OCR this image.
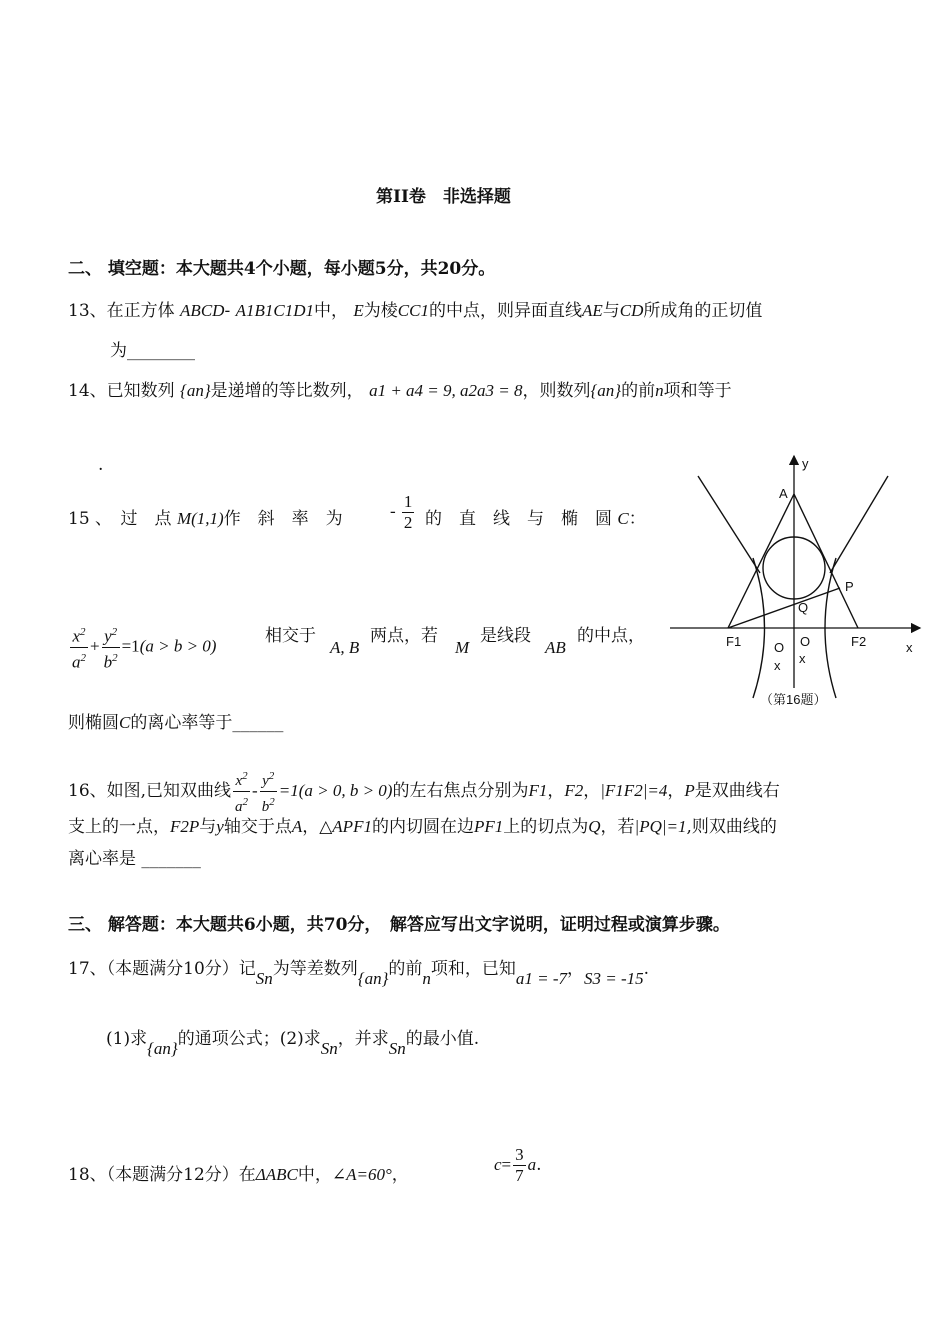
第II卷　非选择题
二、 填空题：本大题共4个小题，每小题5分，共20分。
13、在正方体 ABCD- A1B1C1D1中， E为棱CC1的中点，则异面直线AE与CD所成角的正切值
为________
14、已知数列 {an}是递增的等比数列， a1 + a4 = 9, a2a3 = 8，则数列{an}的前n项和等于
.
15 、　 过　点 M(1,1)作　斜　率　为	- $\frac{1}{2}$ 的　直　线　与　椭　圆 C：
$\frac{x^2}{a^2} + \frac{y^2}{b^2} =1(a > b > 0)$
相交于
A, B
两点，若
M
是线段
AB
的中点，
则椭圆C的离心率等于______
16、如图,已知双曲线 $\frac{x^2}{a^2} - \frac{y^2}{b^2} =1(a > 0$, b > 0)的左右焦点分别为F1，F2，|F1F2|=4，P是双曲线右
支上的一点，F2P与y轴交于点A，△APF1的内切圆在边PF1上的切点为Q，若|PQ|=1,则双曲线的
离心率是 _______
三、 解答题：本大题共6小题，共70分，　解答应写出文字说明，证明过程或演算步骤。
17、（本题满分10分）记Sn为等差数列{an}的前n项和，已知a1 = -7，S3 = -15.
(1)求{an}的通项公式；(2)求Sn，并求Sn的最小值.
18、（本题满分12分）在ΔABC中，∠A=60°，
$c= \frac{3}{7} a$.
y
A
P
Q
F1	F2
O O	x
x x
（第16题）
